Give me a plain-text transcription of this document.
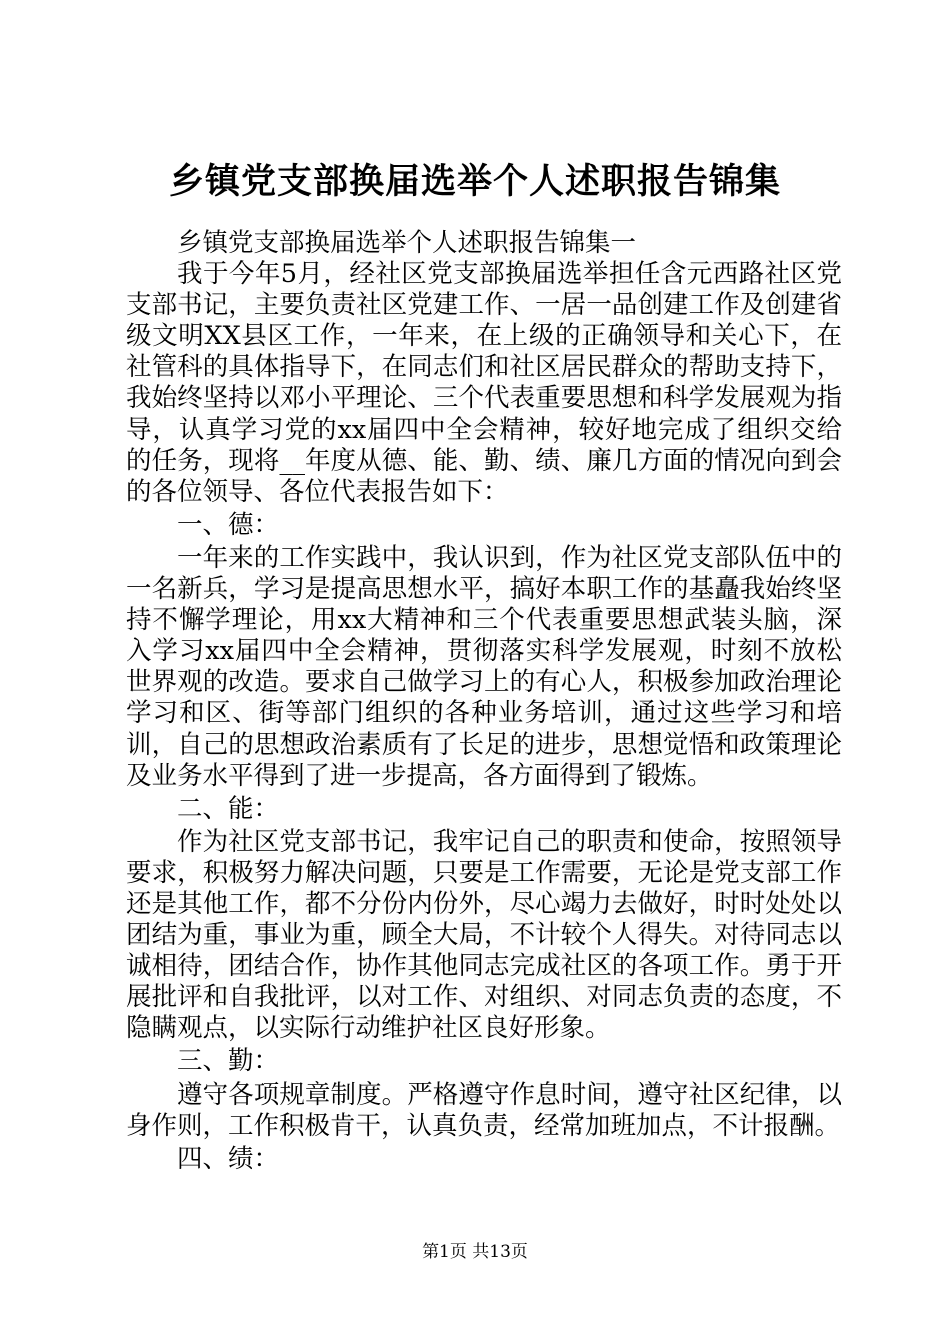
乡镇党支部换届选举个人述职报告锦集

乡镇党支部换届选举个人述职报告锦集一

我于今年5月，经社区党支部换届选举担任含元西路社区党支部书记，主要负责社区党建工作、一居一品创建工作及创建省级文明XX县区工作，一年来，在上级的正确领导和关心下，在社管科的具体指导下，在同志们和社区居民群众的帮助支持下，我始终坚持以邓小平理论、三个代表重要思想和科学发展观为指导，认真学习党的xx届四中全会精神，较好地完成了组织交给的任务，现将__年度从德、能、勤、绩、廉几方面的情况向到会的各位领导、各位代表报告如下：

一、德：

一年来的工作实践中，我认识到，作为社区党支部队伍中的一名新兵，学习是提高思想水平，搞好本职工作的基矗我始终坚持不懈学理论，用xx大精神和三个代表重要思想武装头脑，深入学习xx届四中全会精神，贯彻落实科学发展观，时刻不放松世界观的改造。要求自己做学习上的有心人，积极参加政治理论学习和区、街等部门组织的各种业务培训，通过这些学习和培训，自己的思想政治素质有了长足的进步，思想觉悟和政策理论及业务水平得到了进一步提高，各方面得到了锻炼。

二、能：

作为社区党支部书记，我牢记自己的职责和使命，按照领导要求，积极努力解决问题，只要是工作需要，无论是党支部工作还是其他工作，都不分份内份外，尽心竭力去做好，时时处处以团结为重，事业为重，顾全大局，不计较个人得失。对待同志以诚相待，团结合作，协作其他同志完成社区的各项工作。勇于开展批评和自我批评，以对工作、对组织、对同志负责的态度，不隐瞒观点，以实际行动维护社区良好形象。

三、勤：

遵守各项规章制度。严格遵守作息时间，遵守社区纪律，以身作则，工作积极肯干，认真负责，经常加班加点，不计报酬。

四、绩：

第1页 共13页
